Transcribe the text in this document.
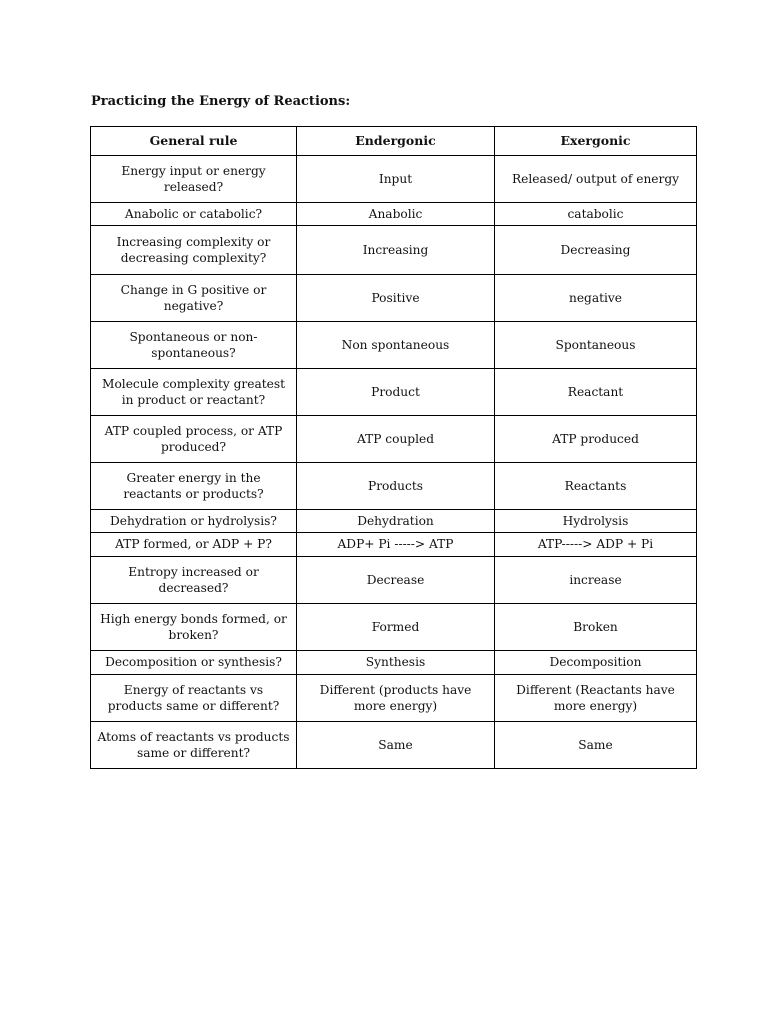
Practicing the Energy of Reactions:
General rule	Endergonic	Exergonic
Energy input or energy released?	Input	Released/ output of energy
Anabolic or catabolic?	Anabolic	catabolic
Increasing complexity or decreasing complexity?	Increasing	Decreasing
Change in G positive or negative?	Positive	negative
Spontaneous or non-spontaneous?	Non spontaneous	Spontaneous
Molecule complexity greatest in product or reactant?	Product	Reactant
ATP coupled process, or ATP produced?	ATP coupled	ATP produced
Greater energy in the reactants or products?	Products	Reactants
Dehydration or hydrolysis?	Dehydration	Hydrolysis
ATP formed, or ADP + P?	ADP+ Pi -----> ATP	ATP-----> ADP + Pi
Entropy increased or decreased?	Decrease	increase
High energy bonds formed, or broken?	Formed	Broken
Decomposition or synthesis?	Synthesis	Decomposition
Energy of reactants vs products same or different?	Different (products have more energy)	Different (Reactants have more energy)
Atoms of reactants vs products same or different?	Same	Same
